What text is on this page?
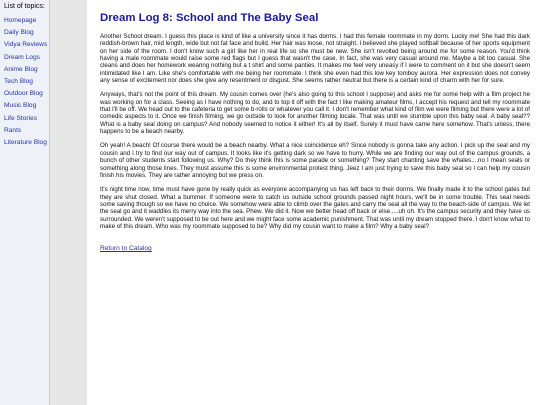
List of topics:
Homepage
Daily Blog
Vidya Reviews
Dream Logs
Anime Blog
Tech Blog
Outdoor Blog
Music Blog
Life Stories
Rants
Literature Blog
Dream Log 8: School and The Baby Seal

Another School dream. I guess this place is kind of like a university since it has dorms. I had this female roommate in my dorm. Lucky me! She had this dark reddish-brown hair, mid length, wide but not fat face and build. Her hair was loose, not straight. I believed she played softball because of her sports equipment on her side of the room. I don't know such a girl like her in real life so she must be new. She isn't revolted being around me for some reason. You'd think having a male roommate would raise some red flags but I guess that wasn't the case. In fact, she was very casual around me. Maybe a bit too casual. She cleans and does her homework wearing nothing but a t shirt and some panties. It makes me feel very uneasy if I were to comment on it but she doesn't seem intimidated like I am. Like she's comfortable with me being her roommate. I think she even had this low key tomboy aurora. Her expression does not convey any sense of excitement nor does she give any resentment or disgust. She seems rather neutral but there is a certain kind of charm with her for sure.

Anyways, that's not the point of this dream. My cousin comes over (he's also going to this school I suppose) and asks me for some help with a film project he was working on for a class. Seeing as I have nothing to do, and to top it off with the fact I like making amateur films, I accept his request and tell my roommate that I'll be off. We head out to the cafeteria to get some b-rolls or whatever you call it. I don't remember what kind of film we were filming but there were a lot of comedic aspects to it. Once we finish filming, we go outside to look for another filming locale. That was until we stumble upon this baby seal. A baby seal?? What is a baby seal doing on campus? And nobody seemed to notice it either! It's all by itself. Surely it must have came here somehow. That's unless, there happens to be a beach nearby.

Oh yeah! A beach! Of course there would be a beach nearby. What a nice coincidence eh? Since nobody is gonna take any action. I pick up the seal and my cousin and I try to find our way out of campus. It looks like it's getting dark so we have to hurry. While we are finding our way out of the campus grounds, a bunch of other students start following us. Why? Do they think this is some parade or something? They start chanting save the whales....no I mean seals or something along those lines. They must assume this is some environmental protest thing. Jeez I am just trying to save this baby seal so I can help my cousin finish his movies. They are rather annoying but we press on.

It's night time now, time must have gone by really quick as everyone accompanying us has left back to their dorms. We finally made it to the school gates but they are shut closed. What a bummer. If someone were to catch us outside school grounds passed night hours, we'll be in some trouble. This seal needs some saving though so we have no choice. We somehow were able to climb over the gates and carry the seal all the way to the beach-side of campus. We let the seal go and it waddles its merry way into the sea. Phew. We did it. Now we better head off back or else.....uh oh. It's the campus security and they have us surrounded. We weren't supposed to be out here and we might face some academic punishment. That was until my dream stopped there. I don't know what to make of this dream. Who was my roommate supposed to be? Why did my cousin want to make a film? Why a baby seal?

Return to Catalog
